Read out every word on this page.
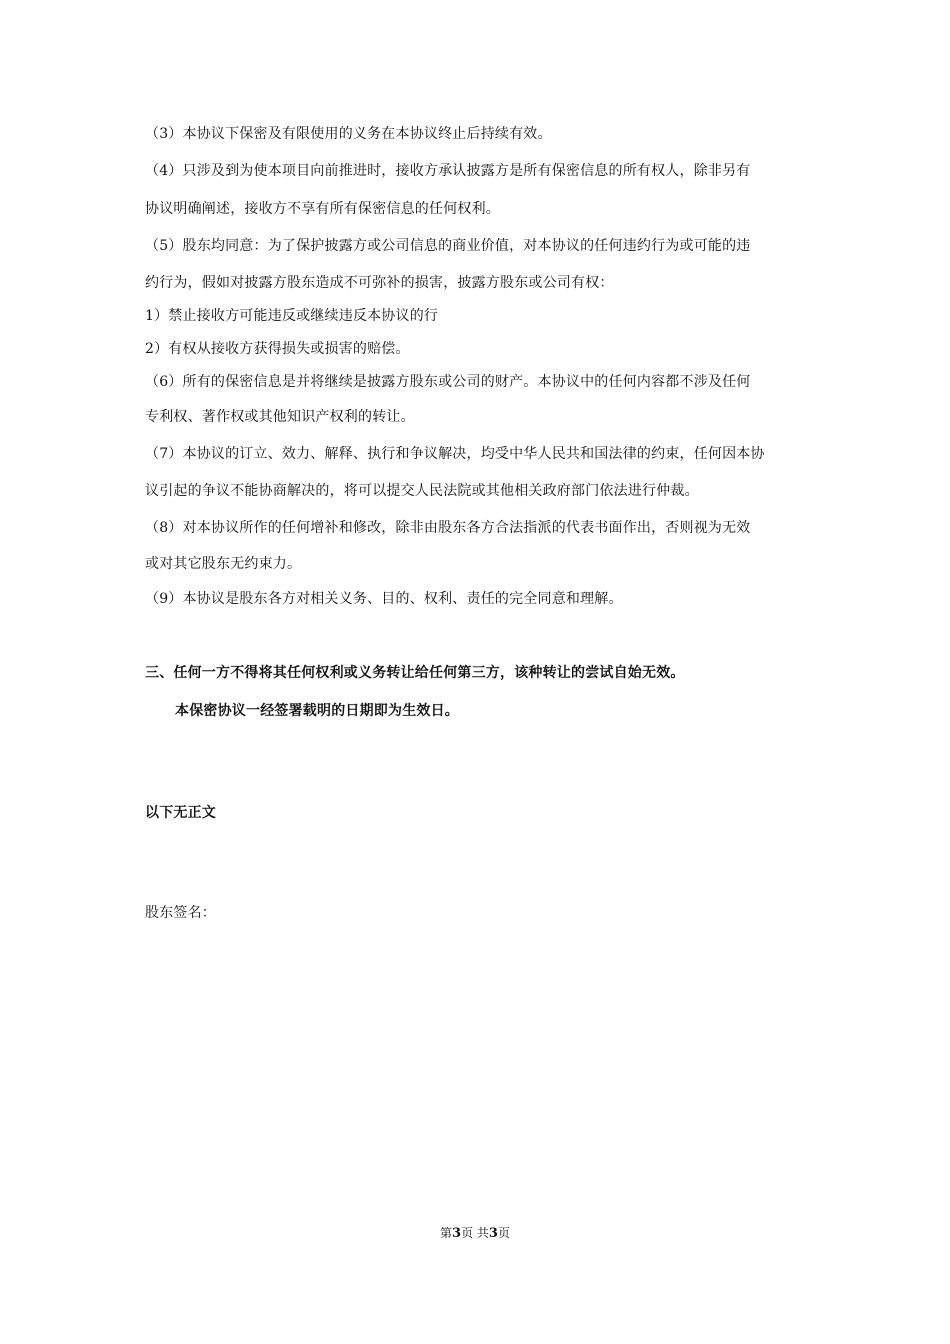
（3）本协议下保密及有限使用的义务在本协议终止后持续有效。
（4）只涉及到为使本项目向前推进时，接收方承认披露方是所有保密信息的所有权人，除非另有
协议明确阐述，接收方不享有所有保密信息的任何权利。
（5）股东均同意：为了保护披露方或公司信息的商业价值，对本协议的任何违约行为或可能的违
约行为，假如对披露方股东造成不可弥补的损害，披露方股东或公司有权：
1）禁止接收方可能违反或继续违反本协议的行
2）有权从接收方获得损失或损害的赔偿。
（6）所有的保密信息是并将继续是披露方股东或公司的财产。本协议中的任何内容都不涉及任何
专利权、著作权或其他知识产权利的转让。
（7）本协议的订立、效力、解释、执行和争议解决，均受中华人民共和国法律的约束，任何因本协
议引起的争议不能协商解决的，将可以提交人民法院或其他相关政府部门依法进行仲裁。
（8）对本协议所作的任何增补和修改，除非由股东各方合法指派的代表书面作出，否则视为无效
或对其它股东无约束力。
（9）本协议是股东各方对相关义务、目的、权利、责任的完全同意和理解。
三、任何一方不得将其任何权利或义务转让给任何第三方，该种转让的尝试自始无效。
本保密协议一经签署载明的日期即为生效日。
以下无正文
股东签名：
第3页 共3页
